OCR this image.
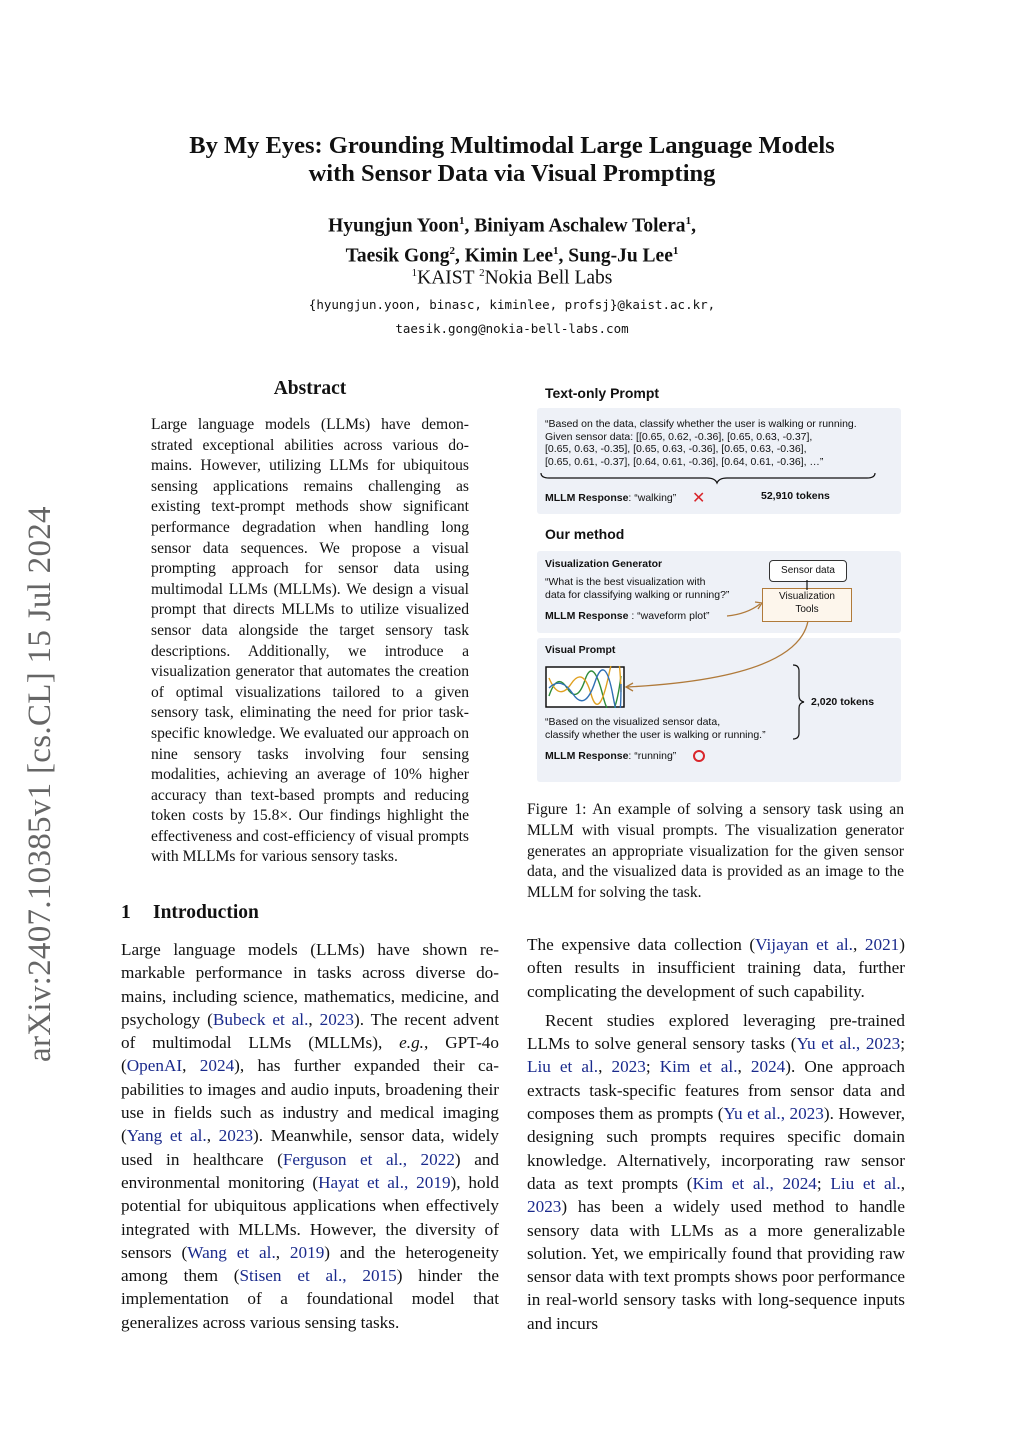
arXiv:2407.10385v1 [cs.CL] 15 Jul 2024
By My Eyes: Grounding Multimodal Large Language Models
with Sensor Data via Visual Prompting
Hyungjun Yoon$^1$, Biniyam Aschalew Tolera$^1$,
Taesik Gong$^2$, Kimin Lee$^1$, Sung-Ju Lee$^1$
$^1$KAIST $^2$Nokia Bell Labs
{hyungjun.yoon, binasc, kiminlee, profsj}@kaist.ac.kr,
taesik.gong@nokia-bell-labs.com
Abstract
Large language models (LLMs) have demonstrated exceptional abilities across various domains. However, utilizing LLMs for ubiquitous sensing applications remains challenging as existing text-prompt methods show significant performance degradation when handling long sensor data sequences. We propose a visual prompting approach for sensor data using multimodal LLMs (MLLMs). We design a visual prompt that directs MLLMs to utilize visualized sensor data alongside the target sensory task descriptions. Additionally, we introduce a visualization generator that automates the creation of optimal visualizations tailored to a given sensory task, eliminating the need for prior task-specific knowledge. We evaluated our approach on nine sensory tasks involving four sensing modalities, achieving an average of 10% higher accuracy than text-based prompts and reducing token costs by 15.8×. Our findings highlight the effectiveness and cost-efficiency of visual prompts with MLLMs for various sensory tasks.
1 Introduction

Large language models (LLMs) have shown remarkable performance in tasks across diverse domains, including science, mathematics, medicine, and psychology (Bubeck et al., 2023). The recent advent of multimodal LLMs (MLLMs), e.g., GPT-4o (OpenAI, 2024), has further expanded their capabilities to images and audio inputs, broadening their use in fields such as industry and medical imaging (Yang et al., 2023). Meanwhile, sensor data, widely used in healthcare (Ferguson et al., 2022) and environmental monitoring (Hayat et al., 2019), hold potential for ubiquitous applications when effectively integrated with MLLMs. However, the diversity of sensors (Wang et al., 2019) and the heterogeneity among them (Stisen et al., 2015) hinder the implementation of a foundational model that generalizes across various sensing tasks.

The expensive data collection (Vijayan et al., 2021) often results in insufficient training data, further complicating the development of such capability.

Recent studies explored leveraging pre-trained LLMs to solve general sensory tasks (Yu et al., 2023; Liu et al., 2023; Kim et al., 2024). One approach extracts task-specific features from sensor data and composes them as prompts (Yu et al., 2023). However, designing such prompts requires specific domain knowledge. Alternatively, incorporating raw sensor data as text prompts (Kim et al., 2024; Liu et al., 2023) has been a widely used method to handle sensory data with LLMs as a more generalizable solution. Yet, we empirically found that providing raw sensor data with text prompts shows poor performance in real-world sensory tasks with long-sequence inputs and incurs

Text-only Prompt
“Based on the data, classify whether the user is walking or running.
Given sensor data: [[0.65, 0.62, -0.36], [0.65, 0.63, -0.37],
[0.65, 0.63, -0.35], [0.65, 0.63, -0.36], [0.65, 0.63, -0.36],
[0.65, 0.61, -0.37], [0.64, 0.61, -0.36], [0.64, 0.61, -0.36], …”
MLLM Response: “walking” ✕	52,910 tokens
Our method
Visualization Generator
“What is the best visualization with
data for classifying walking or running?”
MLLM Response : “waveform plot”
Sensor data
Visualization
Tools
Visual Prompt
2,020 tokens
“Based on the visualized sensor data,
classify whether the user is walking or running.”
MLLM Response: “running”
Figure 1: An example of solving a sensory task using an MLLM with visual prompts. The visualization generator generates an appropriate visualization for the given sensor data, and the visualized data is provided as an image to the MLLM for solving the task.
